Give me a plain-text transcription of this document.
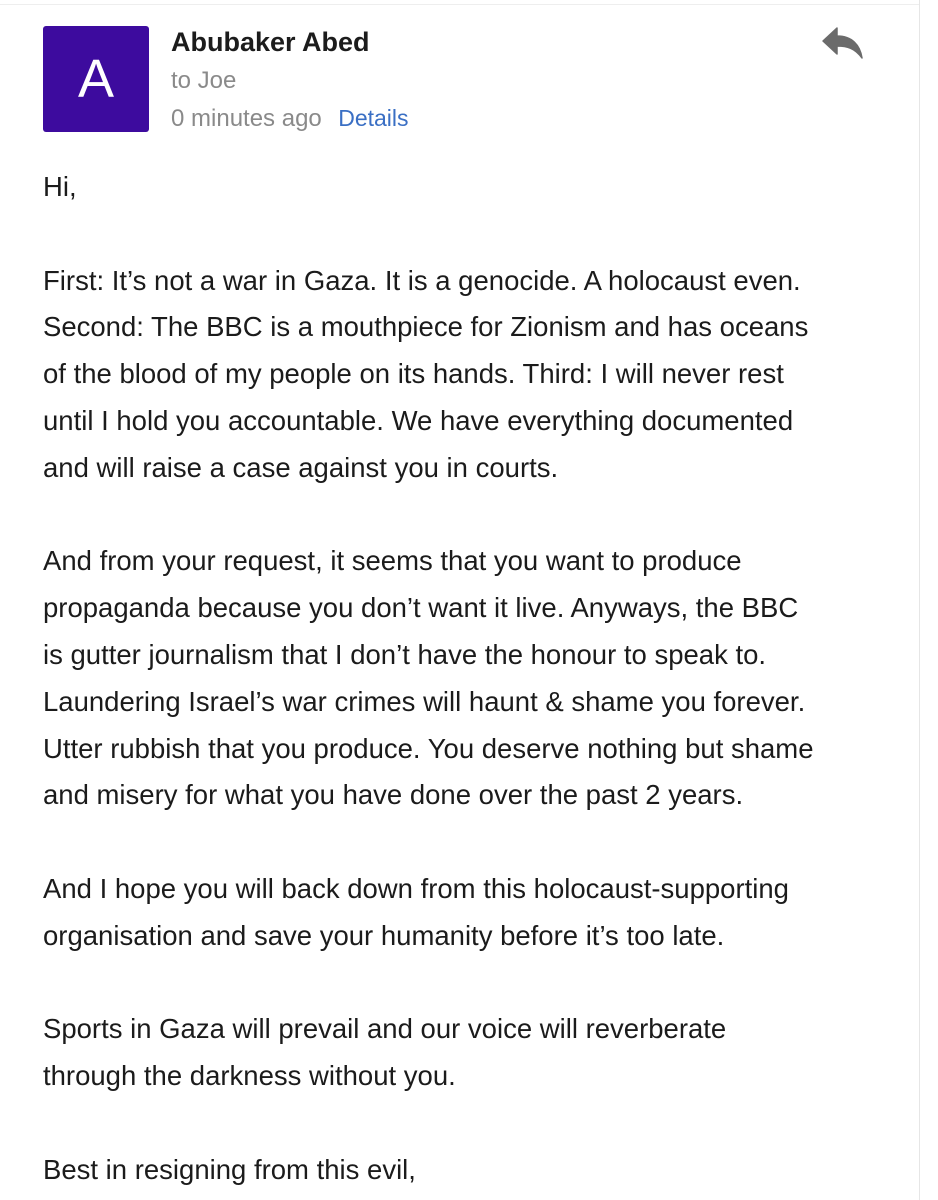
A
Abubaker Abed
to Joe
0 minutes ago Details

Hi,

First: It’s not a war in Gaza. It is a genocide. A holocaust even.
Second: The BBC is a mouthpiece for Zionism and has oceans
of the blood of my people on its hands. Third: I will never rest
until I hold you accountable. We have everything documented
and will raise a case against you in courts.

And from your request, it seems that you want to produce
propaganda because you don’t want it live. Anyways, the BBC
is gutter journalism that I don’t have the honour to speak to.
Laundering Israel’s war crimes will haunt & shame you forever.
Utter rubbish that you produce. You deserve nothing but shame
and misery for what you have done over the past 2 years.

And I hope you will back down from this holocaust-supporting
organisation and save your humanity before it’s too late.

Sports in Gaza will prevail and our voice will reverberate
through the darkness without you.

Best in resigning from this evil,
